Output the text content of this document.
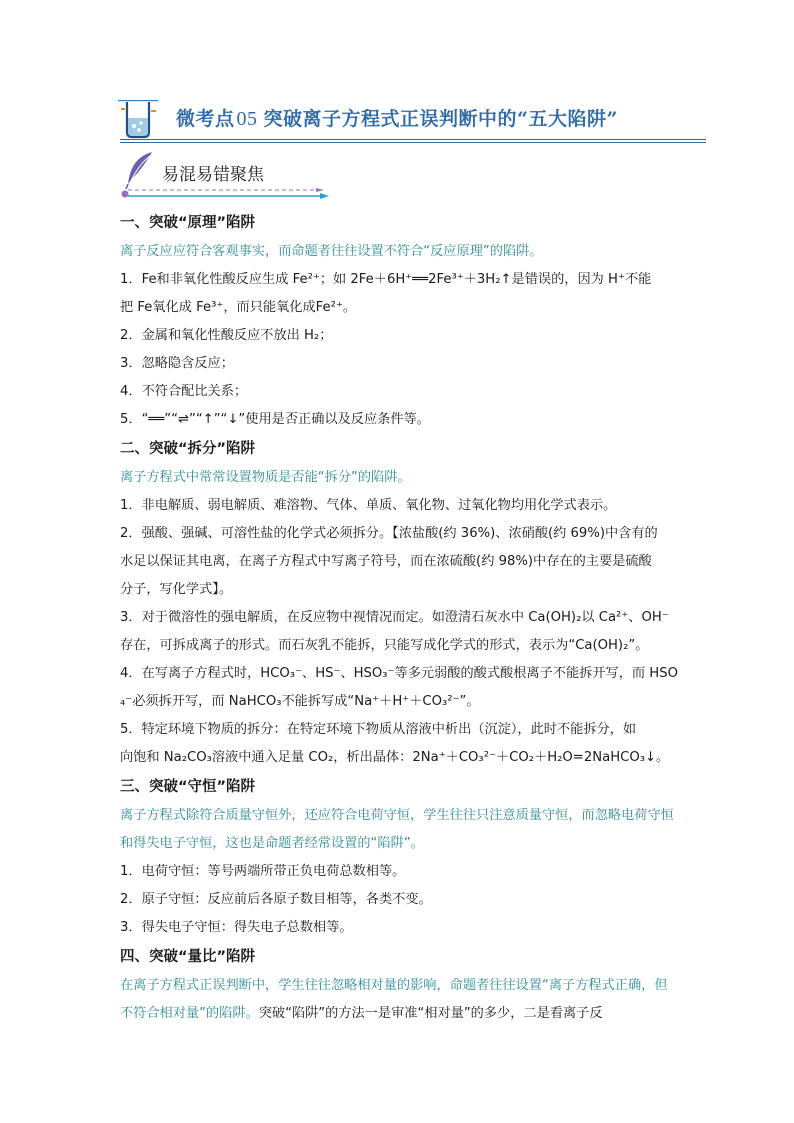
微考点 05 突破离子方程式正误判断中的“五大陷阱”
易混易错聚焦
一、突破“原理”陷阱

离子反应应符合客观事实，而命题者往往设置不符合“反应原理”的陷阱。

1．Fe和非氧化性酸反应生成 Fe²⁺；如 2Fe＋6H⁺══2Fe³⁺＋3H₂↑是错误的，因为 H⁺不能

把 Fe氧化成 Fe³⁺，而只能氧化成Fe²⁺。

2．金属和氧化性酸反应不放出 H₂；

3．忽略隐含反应；

4．不符合配比关系；

5．“══”“⇌”“↑”“↓”使用是否正确以及反应条件等。

二、突破“拆分”陷阱

离子方程式中常常设置物质是否能“拆分”的陷阱。

1．非电解质、弱电解质、难溶物、气体、单质、氧化物、过氧化物均用化学式表示。

2．强酸、强碱、可溶性盐的化学式必须拆分。【浓盐酸(约 36%)、浓硝酸(约 69%)中含有的

水足以保证其电离，在离子方程式中写离子符号，而在浓硫酸(约 98%)中存在的主要是硫酸

分子，写化学式】。

3．对于微溶性的强电解质，在反应物中视情况而定。如澄清石灰水中 Ca(OH)₂以 Ca²⁺、OH⁻

存在，可拆成离子的形式。而石灰乳不能拆，只能写成化学式的形式，表示为“Ca(OH)₂”。

4．在写离子方程式时，HCO₃⁻、HS⁻、HSO₃⁻等多元弱酸的酸式酸根离子不能拆开写，而 HSO

₄⁻必须拆开写，而 NaHCO₃不能拆写成“Na⁺＋H⁺＋CO₃²⁻”。

5．特定环境下物质的拆分：在特定环境下物质从溶液中析出（沉淀），此时不能拆分，如

向饱和 Na₂CO₃溶液中通入足量 CO₂，析出晶体：2Na⁺＋CO₃²⁻＋CO₂＋H₂O=2NaHCO₃↓。

三、突破“守恒”陷阱

离子方程式除符合质量守恒外，还应符合电荷守恒，学生往往只注意质量守恒，而忽略电荷守恒和得失电子守恒，这也是命题者经常设置的“陷阱”。

1．电荷守恒：等号两端所带正负电荷总数相等。

2．原子守恒：反应前后各原子数目相等，各类不变。

3．得失电子守恒：得失电子总数相等。

四、突破“量比”陷阱

在离子方程式正误判断中，学生往往忽略相对量的影响，命题者往往设置“离子方程式正确，但不符合相对量”的陷阱。突破“陷阱”的方法一是审准“相对量”的多少，二是看离子反
